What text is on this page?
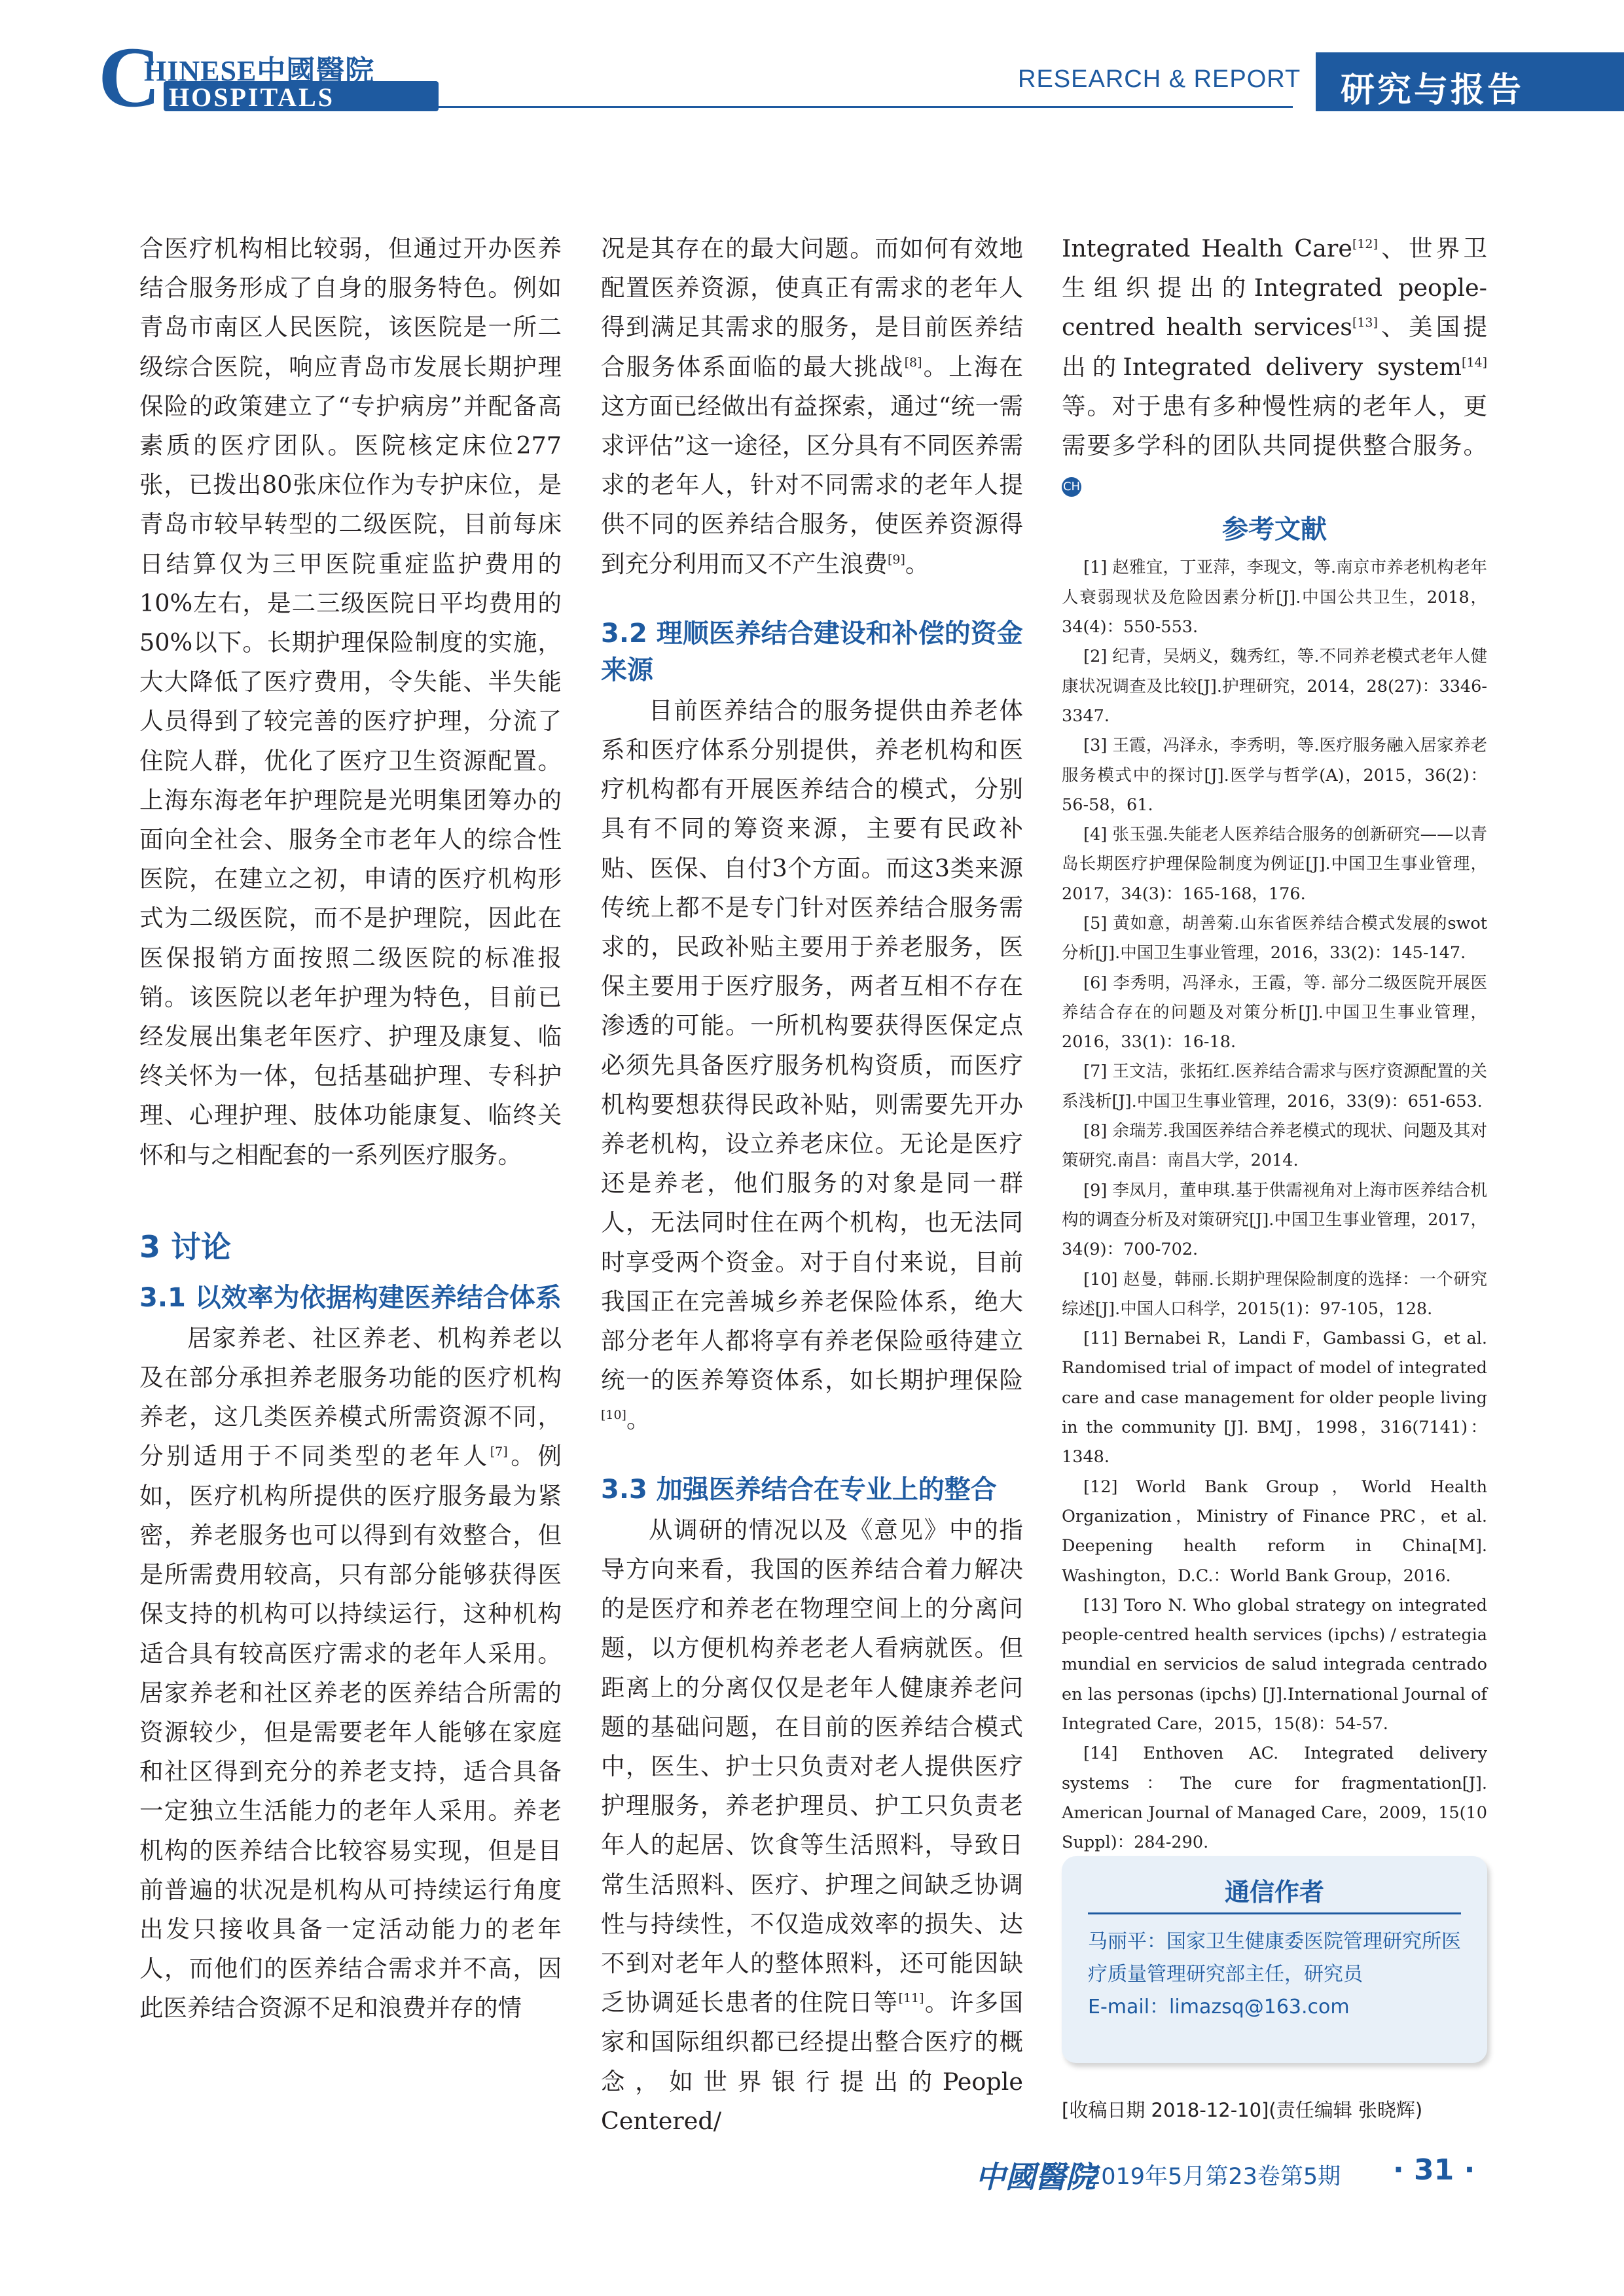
C
HINESE中國醫院
HOSPITALS
RESEARCH & REPORT 研究与报告

合医疗机构相比较弱，但通过开办医养结合服务形成了自身的服务特色。例如青岛市南区人民医院，该医院是一所二级综合医院，响应青岛市发展长期护理保险的政策建立了“专护病房”并配备高素质的医疗团队。医院核定床位277张，已拨出80张床位作为专护床位，是青岛市较早转型的二级医院，目前每床日结算仅为三甲医院重症监护费用的10%左右，是二三级医院日平均费用的50%以下。长期护理保险制度的实施，大大降低了医疗费用，令失能、半失能人员得到了较完善的医疗护理，分流了住院人群，优化了医疗卫生资源配置。上海东海老年护理院是光明集团筹办的面向全社会、服务全市老年人的综合性医院，在建立之初，申请的医疗机构形式为二级医院，而不是护理院，因此在医保报销方面按照二级医院的标准报销。该医院以老年护理为特色，目前已经发展出集老年医疗、护理及康复、临终关怀为一体，包括基础护理、专科护理、心理护理、肢体功能康复、临终关怀和与之相配套的一系列医疗服务。

3 讨论
3.1 以效率为依据构建医养结合体系

居家养老、社区养老、机构养老以及在部分承担养老服务功能的医疗机构养老，这几类医养模式所需资源不同，分别适用于不同类型的老年人[7]。例如，医疗机构所提供的医疗服务最为紧密，养老服务也可以得到有效整合，但是所需费用较高，只有部分能够获得医保支持的机构可以持续运行，这种机构适合具有较高医疗需求的老年人采用。居家养老和社区养老的医养结合所需的资源较少，但是需要老年人能够在家庭和社区得到充分的养老支持，适合具备一定独立生活能力的老年人采用。养老机构的医养结合比较容易实现，但是目前普遍的状况是机构从可持续运行角度出发只接收具备一定活动能力的老年人，而他们的医养结合需求并不高，因此医养结合资源不足和浪费并存的情

况是其存在的最大问题。而如何有效地配置医养资源，使真正有需求的老年人得到满足其需求的服务，是目前医养结合服务体系面临的最大挑战[8]。上海在这方面已经做出有益探索，通过“统一需求评估”这一途径，区分具有不同医养需求的老年人，针对不同需求的老年人提供不同的医养结合服务，使医养资源得到充分利用而又不产生浪费[9]。

3.2 理顺医养结合建设和补偿的资金来源

目前医养结合的服务提供由养老体系和医疗体系分别提供，养老机构和医疗机构都有开展医养结合的模式，分别具有不同的筹资来源，主要有民政补贴、医保、自付3个方面。而这3类来源传统上都不是专门针对医养结合服务需求的，民政补贴主要用于养老服务，医保主要用于医疗服务，两者互相不存在渗透的可能。一所机构要获得医保定点必须先具备医疗服务机构资质，而医疗机构要想获得民政补贴，则需要先开办养老机构，设立养老床位。无论是医疗还是养老，他们服务的对象是同一群人，无法同时住在两个机构，也无法同时享受两个资金。对于自付来说，目前我国正在完善城乡养老保险体系，绝大部分老年人都将享有养老保险亟待建立统一的医养筹资体系，如长期护理保险[10]。

3.3 加强医养结合在专业上的整合

从调研的情况以及《意见》中的指导方向来看，我国的医养结合着力解决的是医疗和养老在物理空间上的分离问题，以方便机构养老老人看病就医。但距离上的分离仅仅是老年人健康养老问题的基础问题，在目前的医养结合模式中，医生、护士只负责对老人提供医疗护理服务，养老护理员、护工只负责老年人的起居、饮食等生活照料，导致日常生活照料、医疗、护理之间缺乏协调性与持续性，不仅造成效率的损失、达不到对老年人的整体照料，还可能因缺乏协调延长患者的住院日等[11]。许多国家和国际组织都已经提出整合医疗的概念，如世界银行提出的People Centered/

Integrated Health Care[12]、世界卫生组织提出的Integrated people-centred health services[13]、美国提出的Integrated delivery system[14]等。对于患有多种慢性病的老年人，更需要多学科的团队共同提供整合服务。 CH

参考文献

[1] 赵雅宜，丁亚萍，李现文，等.南京市养老机构老年人衰弱现状及危险因素分析[J].中国公共卫生，2018，34(4)：550-553.

[2] 纪青，吴炳义，魏秀红，等.不同养老模式老年人健康状况调查及比较[J].护理研究，2014，28(27)：3346-3347.

[3] 王霞，冯泽永，李秀明，等.医疗服务融入居家养老服务模式中的探讨[J].医学与哲学(A)，2015，36(2)：56-58，61.

[4] 张玉强.失能老人医养结合服务的创新研究——以青岛长期医疗护理保险制度为例证[J].中国卫生事业管理，2017，34(3)：165-168，176.

[5] 黄如意，胡善菊.山东省医养结合模式发展的swot分析[J].中国卫生事业管理，2016，33(2)：145-147.

[6] 李秀明，冯泽永，王霞，等. 部分二级医院开展医养结合存在的问题及对策分析[J].中国卫生事业管理，2016，33(1)：16-18.

[7] 王文洁，张拓红.医养结合需求与医疗资源配置的关系浅析[J].中国卫生事业管理，2016，33(9)：651-653.

[8] 余瑞芳.我国医养结合养老模式的现状、问题及其对策研究.南昌：南昌大学，2014.

[9] 李凤月，董申琪.基于供需视角对上海市医养结合机构的调查分析及对策研究[J].中国卫生事业管理，2017，34(9)：700-702.

[10] 赵曼，韩丽.长期护理保险制度的选择：一个研究综述[J].中国人口科学，2015(1)：97-105，128.

[11] Bernabei R，Landi F，Gambassi G，et al. Randomised trial of impact of model of integrated care and case management for older people living in the community [J]. BMJ，1998，316(7141)：1348.

[12] World Bank Group，World Health Organization，Ministry of Finance PRC，et al. Deepening health reform in China[M]. Washington，D.C.：World Bank Group，2016.

[13] Toro N. Who global strategy on integrated people-centred health services (ipchs) / estrategia mundial en servicios de salud integrada centrado en las personas (ipchs) [J].International Journal of Integrated Care，2015，15(8)：54-57.

[14] Enthoven AC. Integrated delivery systems：The cure for fragmentation[J]. American Journal of Managed Care，2009，15(10 Suppl)：284-290.

通信作者
马丽平：国家卫生健康委医院管理研究所医疗质量管理研究部主任，研究员
E-mail：limazsq@163.com
[收稿日期 2018-12-10](责任编辑 张晓辉)
中國醫院
2019年5月第23卷第5期 · 31 ·
